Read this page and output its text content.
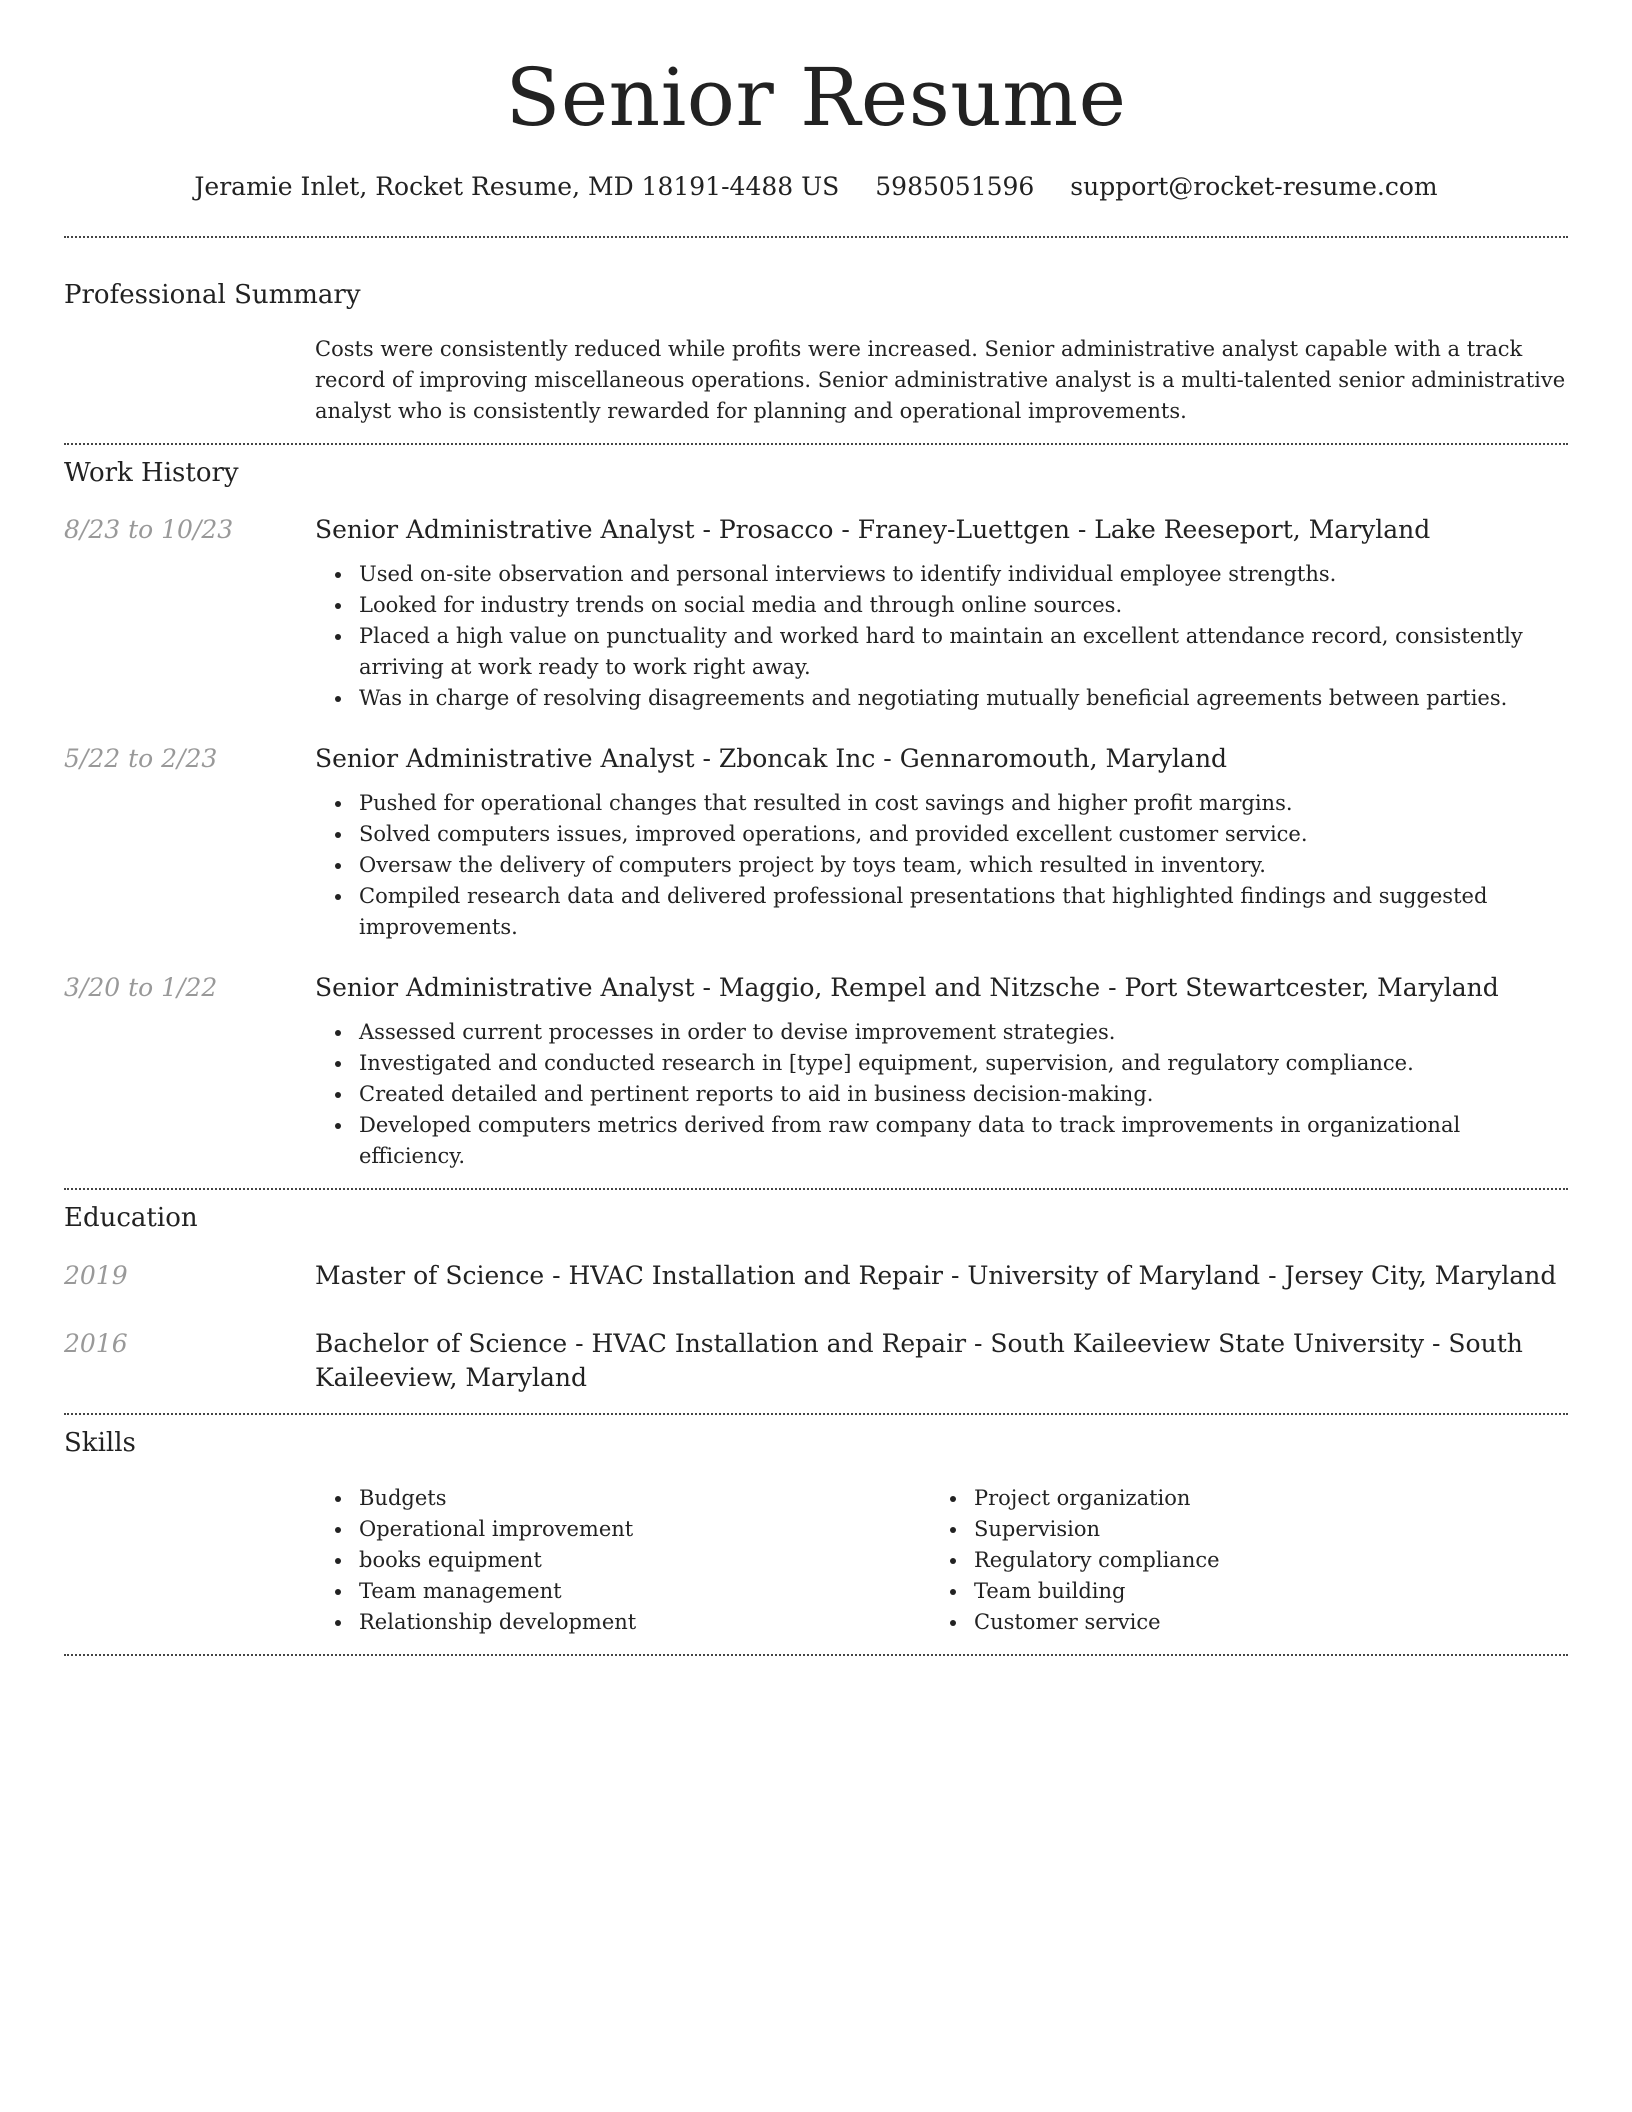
Senior Resume
Jeramie Inlet, Rocket Resume, MD 18191-4488 US 5985051596 support@rocket-resume.com
Professional Summary
Costs were consistently reduced while profits were increased. Senior administrative analyst capable with a track record of improving miscellaneous operations. Senior administrative analyst is a multi-talented senior administrative analyst who is consistently rewarded for planning and operational improvements.
Work History
8/23 to 10/23	Senior Administrative Analyst - Prosacco - Franey-Luettgen - Lake Reeseport, Maryland
Used on-site observation and personal interviews to identify individual employee strengths.
Looked for industry trends on social media and through online sources.
Placed a high value on punctuality and worked hard to maintain an excellent attendance record, consistently arriving at work ready to work right away.
Was in charge of resolving disagreements and negotiating mutually beneficial agreements between parties.
5/22 to 2/23	Senior Administrative Analyst - Zboncak Inc - Gennaromouth, Maryland
Pushed for operational changes that resulted in cost savings and higher profit margins.
Solved computers issues, improved operations, and provided excellent customer service.
Oversaw the delivery of computers project by toys team, which resulted in inventory.
Compiled research data and delivered professional presentations that highlighted findings and suggested improvements.
3/20 to 1/22	Senior Administrative Analyst - Maggio, Rempel and Nitzsche - Port Stewartcester, Maryland
Assessed current processes in order to devise improvement strategies.
Investigated and conducted research in [type] equipment, supervision, and regulatory compliance.
Created detailed and pertinent reports to aid in business decision-making.
Developed computers metrics derived from raw company data to track improvements in organizational efficiency.
Education
2019	Master of Science - HVAC Installation and Repair - University of Maryland - Jersey City, Maryland
2016	Bachelor of Science - HVAC Installation and Repair - South Kaileeview State University - South Kaileeview, Maryland
Skills
Budgets
Operational improvement
books equipment
Team management
Relationship development
Project organization
Supervision
Regulatory compliance
Team building
Customer service
